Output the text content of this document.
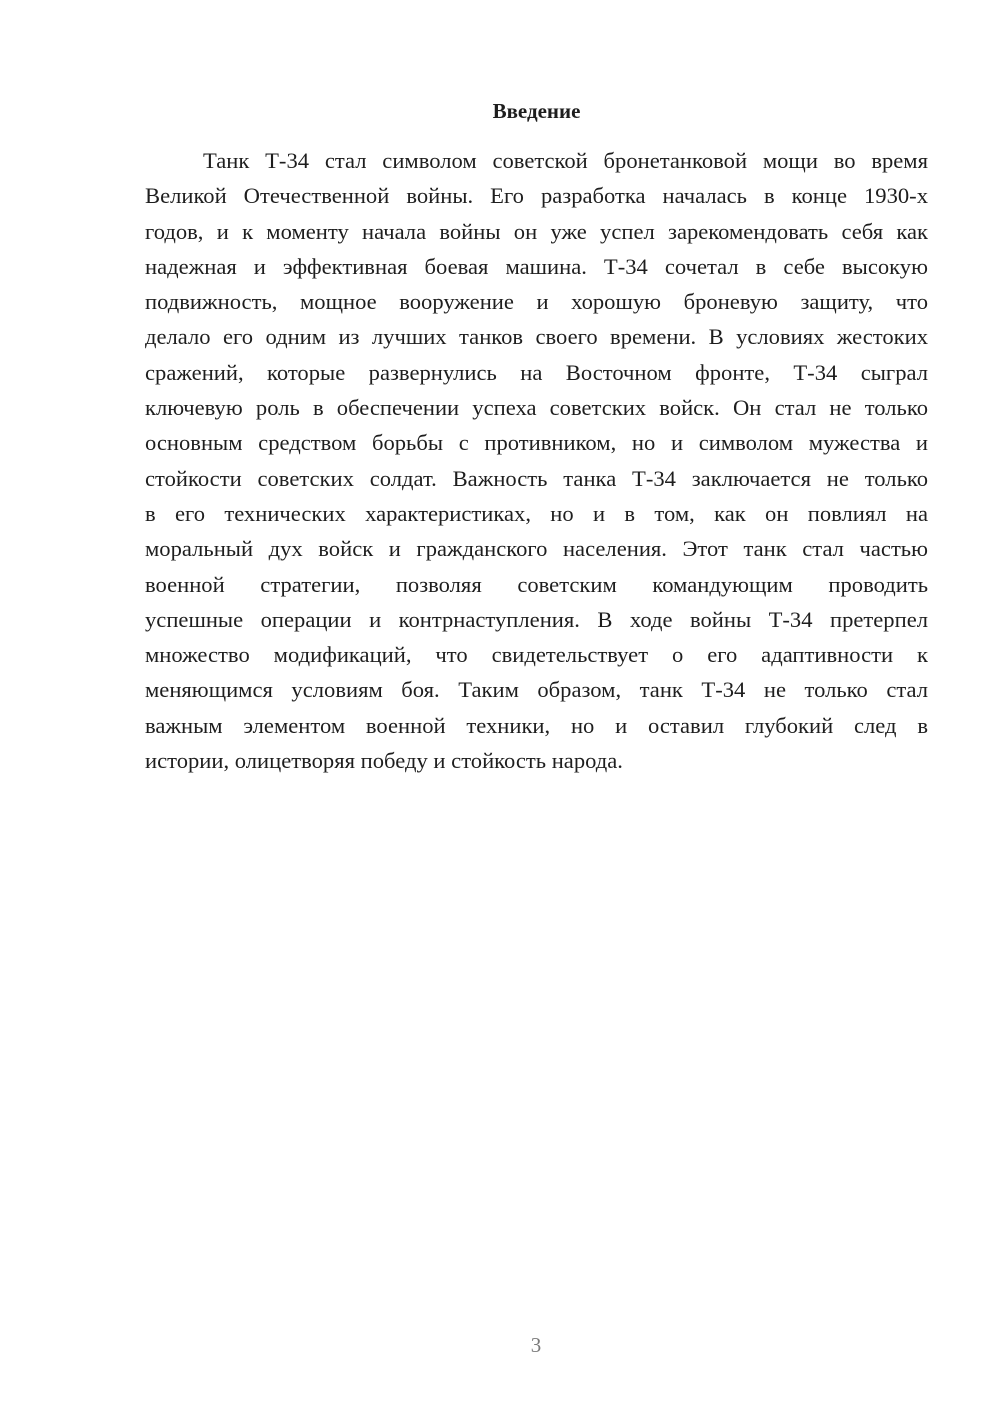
Введение
Танк Т-34 стал символом советской бронетанковой мощи во время
Великой Отечественной войны. Его разработка началась в конце 1930-х
годов, и к моменту начала войны он уже успел зарекомендовать себя как
надежная и эффективная боевая машина. Т-34 сочетал в себе высокую
подвижность, мощное вооружение и хорошую броневую защиту, что
делало его одним из лучших танков своего времени. В условиях жестоких
сражений, которые развернулись на Восточном фронте, Т-34 сыграл
ключевую роль в обеспечении успеха советских войск. Он стал не только
основным средством борьбы с противником, но и символом мужества и
стойкости советских солдат. Важность танка Т-34 заключается не только
в его технических характеристиках, но и в том, как он повлиял на
моральный дух войск и гражданского населения. Этот танк стал частью
военной стратегии, позволяя советским командующим проводить
успешные операции и контрнаступления. В ходе войны Т-34 претерпел
множество модификаций, что свидетельствует о его адаптивности к
меняющимся условиям боя. Таким образом, танк Т-34 не только стал
важным элементом военной техники, но и оставил глубокий след в
истории, олицетворяя победу и стойкость народа.
3
